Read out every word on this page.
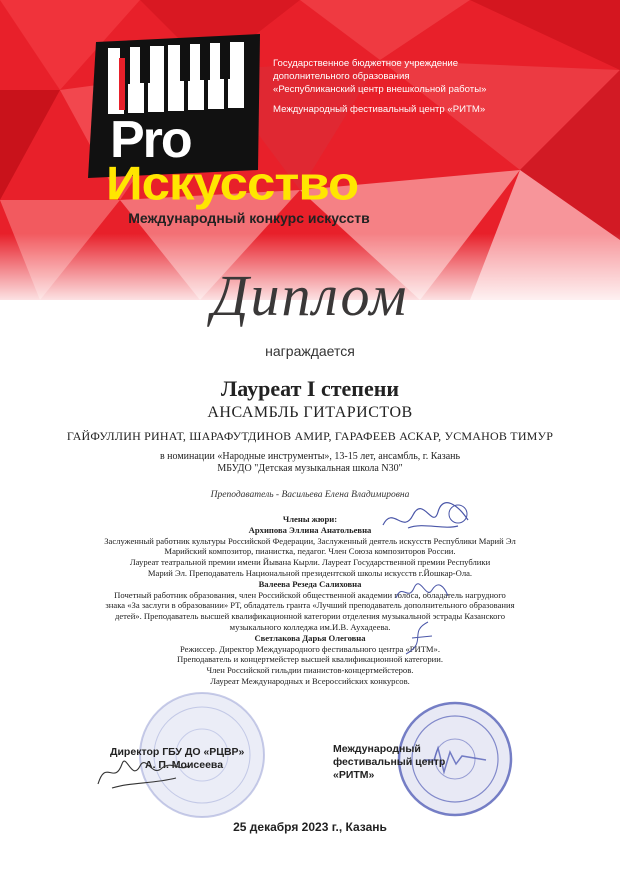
Государственное бюджетное учреждение
дополнительного образования
«Республиканский центр внешкольной работы»
Международный фестивальный центр «РИТМ»
Pro
Искусство
Международный конкурс искусств
Диплом
награждается
Лауреат I степени
АНСАМБЛЬ ГИТАРИСТОВ
ГАЙФУЛЛИН РИНАТ, ШАРАФУТДИНОВ АМИР, ГАРАФЕЕВ АСКАР, УСМАНОВ ТИМУР
в номинации «Народные инструменты», 13-15 лет, ансамбль, г. Казань
МБУДО "Детская музыкальная школа N30"
Преподаватель - Васильева Елена Владимировна
Члены жюри:
Архипова Эллина Анатольевна
Заслуженный работник культуры Российской Федерации, Заслуженный деятель искусств Республики Марий Эл
Марийский композитор, пианистка, педагог. Член Союза композиторов России.
Лауреат театральной премии имени Йывана Кырли. Лауреат Государственной премии Республики
Марий Эл. Преподаватель Национальной президентской школы искусств г.Йошкар-Ола.
Валеева Резеда Салиховна
Почетный работник образования, член Российской общественной академии голоса, обладатель нагрудного
знака «За заслуги в образовании» РТ, обладатель гранта «Лучший преподаватель дополнительного образования
детей». Преподаватель высшей квалификационной категории отделения музыкальной эстрады Казанского
музыкального колледжа им.И.В. Аухадеева.
Светлакова Дарья Олеговна
Режиссер. Директор Международного фестивального центра «РИТМ».
Преподаватель и концертмейстер высшей квалификационной категории.
Член Российской гильдии пианистов-концертмейстеров.
Лауреат Международных и Всероссийских конкурсов.
Директор ГБУ ДО «РЦВР»
А. П. Моисеева
Международный
фестивальный центр
«РИТМ»
25 декабря 2023 г., Казань
